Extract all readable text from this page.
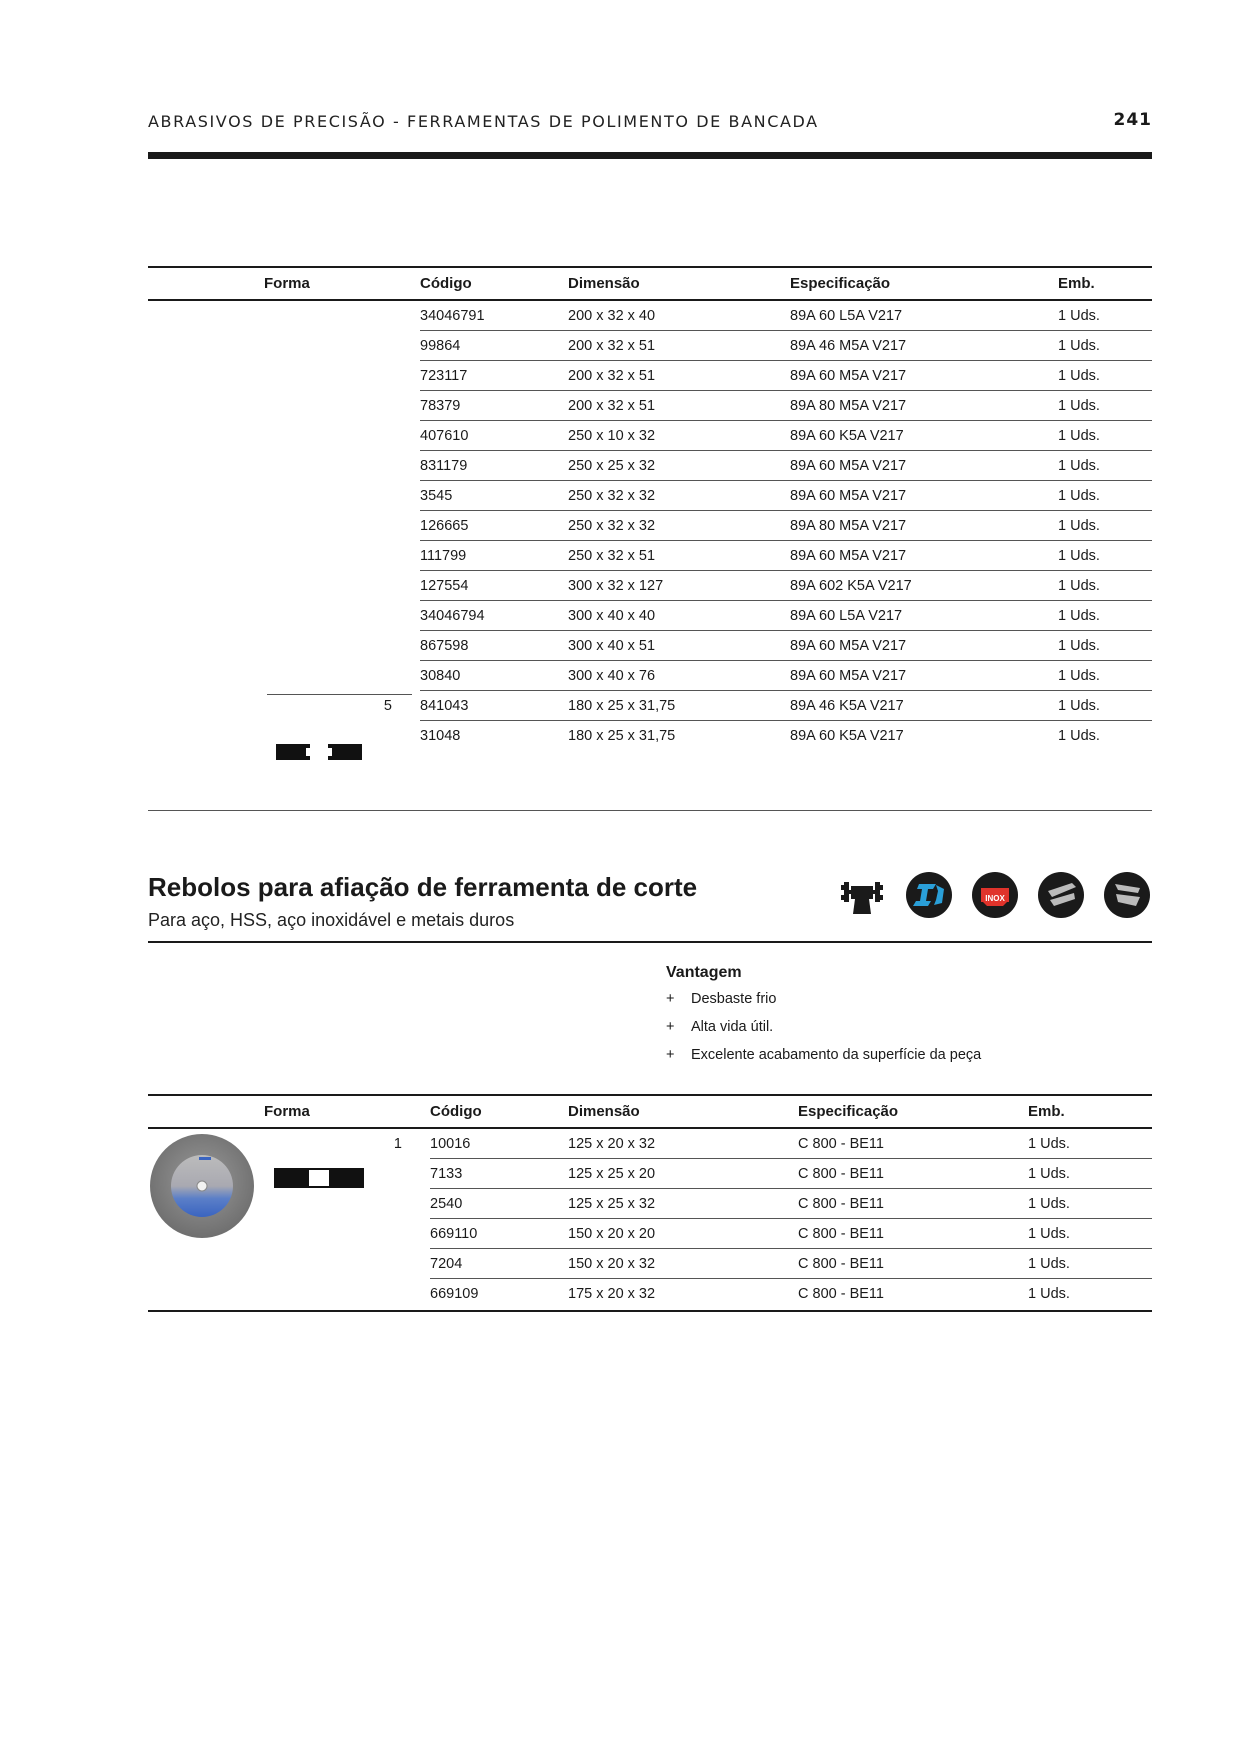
ABRASIVOS DE PRECISÃO - FERRAMENTAS DE POLIMENTO DE BANCADA	241
	Forma	Código	Dimensão	Especificação	Emb.
		34046791	200 x 32 x 40	89A 60 L5A V217	1 Uds.
		99864	200 x 32 x 51	89A 46 M5A V217	1 Uds.
		723117	200 x 32 x 51	89A 60 M5A V217	1 Uds.
		78379	200 x 32 x 51	89A 80 M5A V217	1 Uds.
		407610	250 x 10 x 32	89A 60 K5A V217	1 Uds.
		831179	250 x 25 x 32	89A 60 M5A V217	1 Uds.
		3545	250 x 32 x 32	89A 60 M5A V217	1 Uds.
		126665	250 x 32 x 32	89A 80 M5A V217	1 Uds.
		111799	250 x 32 x 51	89A 60 M5A V217	1 Uds.
		127554	300 x 32 x 127	89A 602 K5A V217	1 Uds.
		34046794	300 x 40 x 40	89A 60 L5A V217	1 Uds.
		867598	300 x 40 x 51	89A 60 M5A V217	1 Uds.
		30840	300 x 40 x 76	89A 60 M5A V217	1 Uds.
	5	841043	180 x 25 x 31,75	89A 46 K5A V217	1 Uds.
		31048	180 x 25 x 31,75	89A 60 K5A V217	1 Uds.
Rebolos para afiação de ferramenta de corte
Para aço, HSS, aço inoxidável e metais duros
INOX
Vantagem
+ Desbaste frio
+ Alta vida útil.
+ Excelente acabamento da superfície da peça
	Forma	Código	Dimensão	Especificação	Emb.
	1	10016	125 x 20 x 32	C 800 - BE11	1 Uds.
		7133	125 x 25 x 20	C 800 - BE11	1 Uds.
		2540	125 x 25 x 32	C 800 - BE11	1 Uds.
		669110	150 x 20 x 20	C 800 - BE11	1 Uds.
		7204	150 x 20 x 32	C 800 - BE11	1 Uds.
		669109	175 x 20 x 32	C 800 - BE11	1 Uds.
